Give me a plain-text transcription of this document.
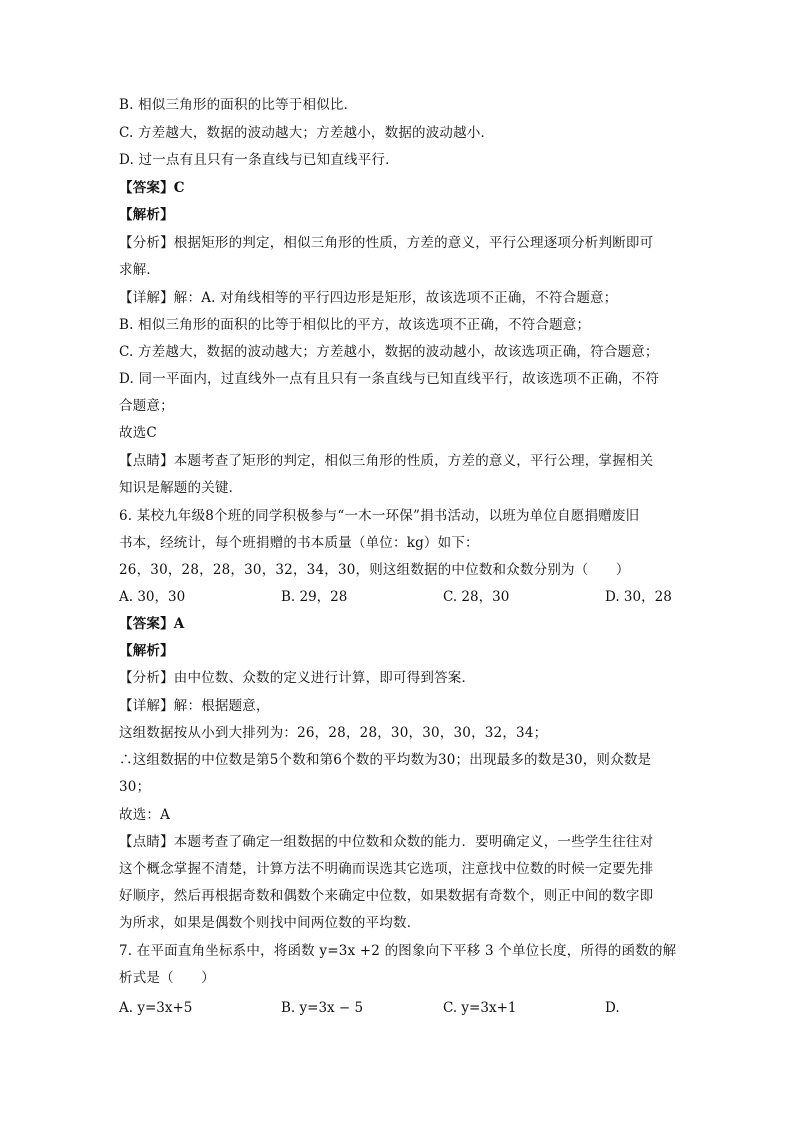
B. 相似三角形的面积的比等于相似比．
C. 方差越大，数据的波动越大；方差越小，数据的波动越小．
D. 过一点有且只有一条直线与已知直线平行．
【答案】C
【解析】
【分析】根据矩形的判定，相似三角形的性质，方差的意义，平行公理逐项分析判断即可
求解．
【详解】解：A. 对角线相等的平行四边形是矩形，故该选项不正确，不符合题意；
B. 相似三角形的面积的比等于相似比的平方，故该选项不正确，不符合题意；
C. 方差越大，数据的波动越大；方差越小，数据的波动越小，故该选项正确，符合题意；
D. 同一平面内，过直线外一点有且只有一条直线与已知直线平行，故该选项不正确，不符
合题意；
故选C
【点睛】本题考查了矩形的判定，相似三角形的性质，方差的意义，平行公理，掌握相关
知识是解题的关键．
6. 某校九年级8个班的同学积极参与“一木一环保”捐书活动，以班为单位自愿捐赠废旧
书本，经统计，每个班捐赠的书本质量（单位：kg）如下：
26，30，28，28，30，32，34，30，则这组数据的中位数和众数分别为（　　）
A. 30，30	B. 29，28	C. 28，30	D. 30，28
【答案】A
【解析】
【分析】由中位数、众数的定义进行计算，即可得到答案．
【详解】解：根据题意，
这组数据按从小到大排列为：26，28，28，30，30，30，32，34；
∴这组数据的中位数是第5个数和第6个数的平均数为30；出现最多的数是30，则众数是
30；
故选：A
【点睛】本题考查了确定一组数据的中位数和众数的能力．要明确定义，一些学生往往对
这个概念掌握不清楚，计算方法不明确而误选其它选项，注意找中位数的时候一定要先排
好顺序，然后再根据奇数和偶数个来确定中位数，如果数据有奇数个，则正中间的数字即
为所求，如果是偶数个则找中间两位数的平均数．
7. 在平面直角坐标系中，将函数 y=3x +2 的图象向下平移 3 个单位长度，所得的函数的解
析式是（　　）
A. y=3x+5	B. y=3x − 5	C. y=3x+1	D.
